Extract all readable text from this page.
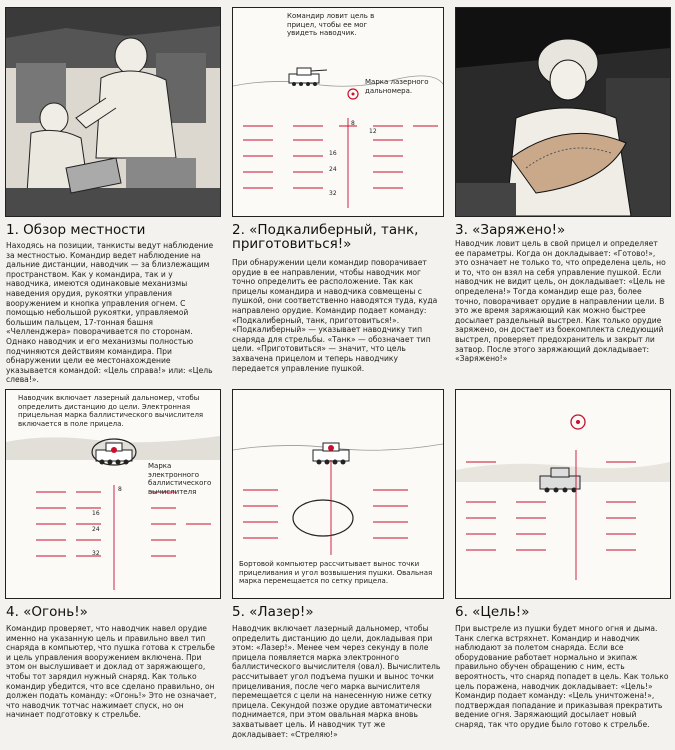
Командир ловит цель в прицел, чтобы ее мог увидеть наводчик.
Марка лазерного дальномера.
8
12
16
24
32
1. Обзор местности

Находясь на позиции, танкисты ведут наблюдение за местностью. Командир ведет наблюдение на дальние дистанции, наводчик — за близлежащим пространством. Как у командира, так и у наводчика, имеются одинаковые механизмы наведения орудия, рукоятки управления вооружением и кнопка управления огнем. С помощью небольшой рукоятки, управляемой большим пальцем, 17-тонная башня «Челленджера» поворачивается по сторонам. Однако наводчик и его механизмы полностью подчиняются действиям командира. При обнаружении цели ее местонахождение указывается командой: «Цель справа!» или: «Цель слева!».

2. «Подкалиберный, танк, приготовиться!»

При обнаружении цели командир поворачивает орудие в ее направлении, чтобы наводчик мог точно определить ее расположение. Так как прицелы командира и наводчика совмещены с пушкой, они соответственно наводятся туда, куда направлено орудие. Командир подает команду: «Подкалиберный, танк, приготовиться!». «Подкалиберный» — указывает наводчику тип снаряда для стрельбы. «Танк» — обозначает тип цели. «Приготовиться» — значит, что цель захвачена прицелом и теперь наводчику передается управление пушкой.

3. «Заряжено!»

Наводчик ловит цель в свой прицел и определяет ее параметры. Когда он докладывает: «Готово!», это означает не только то, что определена цель, но и то, что он взял на себя управление пушкой. Если наводчик не видит цель, он докладывает: «Цель не определена!» Тогда командир еще раз, более точно, поворачивает орудие в направлении цели. В это же время заряжающий как можно быстрее досылает раздельный выстрел. Как только орудие заряжено, он достает из боекомплекта следующий выстрел, проверяет предохранитель и закрыт ли затвор. После этого заряжающий докладывает: «Заряжено!»

Наводчик включает лазерный дальномер, чтобы определить дистанцию до цели. Электронная прицельная марка баллистического вычислителя включается в поле прицела.
Марка электронного баллистического вычислителя
8
16
24
32
Бортовой компьютер рассчитывает вынос точки прицеливания и угол возвышения пушки. Овальная марка перемещается по сетку прицела.
4. «Огонь!»

Командир проверяет, что наводчик навел орудие именно на указанную цель и правильно ввел тип снаряда в компьютер, что пушка готова к стрельбе и цель управления вооружением включена. При этом он выслушивает и доклад от заряжающего, чтобы тот зарядил нужный снаряд. Как только командир убедится, что все сделано правильно, он должен подать команду: «Огонь!» Это не означает, что наводчик тотчас нажимает спуск, но он начинает подготовку к стрельбе.

5. «Лазер!»

Наводчик включает лазерный дальномер, чтобы определить дистанцию до цели, докладывая при этом: «Лазер!». Менее чем через секунду в поле прицела появляется марка электронного баллистического вычислителя (овал). Вычислитель рассчитывает угол подъема пушки и вынос точки прицеливания, после чего марка вычислителя перемещается с цели на нанесенную ниже сетку прицела. Секундой позже орудие автоматически поднимается, при этом овальная марка вновь захватывает цель. И наводчик тут же докладывает: «Стреляю!»

6. «Цель!»

При выстреле из пушки будет много огня и дыма. Танк слегка встряхнет. Командир и наводчик наблюдают за полетом снаряда. Если все оборудование работает нормально и экипаж правильно обучен обращению с ним, есть вероятность, что снаряд попадет в цель. Как только цель поражена, наводчик докладывает: «Цель!» Командир подает команду: «Цель уничтожена!», подтверждая попадание и приказывая прекратить ведение огня. Заряжающий досылает новый снаряд, так что орудие было готово к стрельбе.
